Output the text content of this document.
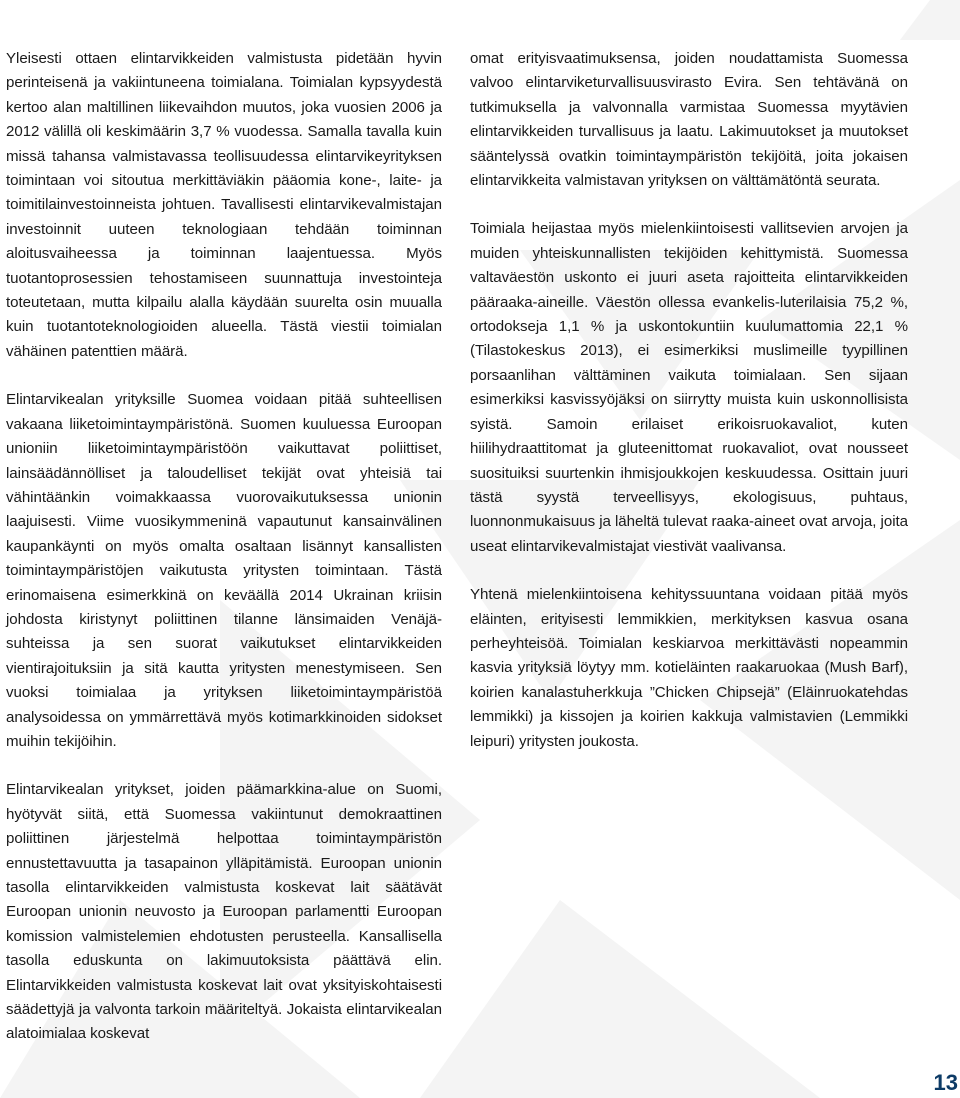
Yleisesti ottaen elintarvikkeiden valmistusta pidetään hyvin perinteisenä ja vakiintuneena toimialana. Toimialan kypsyydestä kertoo alan maltillinen liikevaihdon muutos, joka vuosien 2006 ja 2012 välillä oli keskimäärin 3,7 % vuodessa. Samalla tavalla kuin missä tahansa valmistavassa teollisuudessa elintarvikeyrityksen toimintaan voi sitoutua merkittäviäkin pääomia kone-, laite- ja toimitilainvestoinneista johtuen. Tavallisesti elintarvikevalmistajan investoinnit uuteen teknologiaan tehdään toiminnan aloitusvaiheessa ja toiminnan laajentuessa. Myös tuotantoprosessien tehostamiseen suunnattuja investointeja toteutetaan, mutta kilpailu alalla käydään suurelta osin muualla kuin tuotantoteknologioiden alueella. Tästä viestii toimialan vähäinen patenttien määrä.

Elintarvikealan yrityksille Suomea voidaan pitää suhteellisen vakaana liiketoimintaympäristönä. Suomen kuuluessa Euroopan unioniin liiketoimintaympäristöön vaikuttavat poliittiset, lainsäädännölliset ja taloudelliset tekijät ovat yhteisiä tai vähintäänkin voimakkaassa vuorovaikutuksessa unionin laajuisesti. Viime vuosikymmeninä vapautunut kansainvälinen kaupankäynti on myös omalta osaltaan lisännyt kansallisten toimintaympäristöjen vaikutusta yritysten toimintaan. Tästä erinomaisena esimerkkinä on keväällä 2014 Ukrainan kriisin johdosta kiristynyt poliittinen tilanne länsimaiden Venäjä-suhteissa ja sen suorat vaikutukset elintarvikkeiden vientirajoituksiin ja sitä kautta yritysten menestymiseen. Sen vuoksi toimialaa ja yrityksen liiketoimintaympäristöä analysoidessa on ymmärrettävä myös kotimarkkinoiden sidokset muihin tekijöihin.

Elintarvikealan yritykset, joiden päämarkkina-alue on Suomi, hyötyvät siitä, että Suomessa vakiintunut demokraattinen poliittinen järjestelmä helpottaa toimintaympäristön ennustettavuutta ja tasapainon ylläpitämistä. Euroopan unionin tasolla elintarvikkeiden valmistusta koskevat lait säätävät Euroopan unionin neuvosto ja Euroopan parlamentti Euroopan komission valmistelemien ehdotusten perusteella. Kansallisella tasolla eduskunta on lakimuutoksista päättävä elin. Elintarvikkeiden valmistusta koskevat lait ovat yksityiskohtaisesti säädettyjä ja valvonta tarkoin määriteltyä. Jokaista elintarvikealan alatoimialaa koskevat

omat erityisvaatimuksensa, joiden noudattamista Suomessa valvoo elintarviketurvallisuusvirasto Evira. Sen tehtävänä on tutkimuksella ja valvonnalla varmistaa Suomessa myytävien elintarvikkeiden turvallisuus ja laatu. Lakimuutokset ja muutokset sääntelyssä ovatkin toimintaympäristön tekijöitä, joita jokaisen elintarvikkeita valmistavan yrityksen on välttämätöntä seurata.

Toimiala heijastaa myös mielenkiintoisesti vallitsevien arvojen ja muiden yhteiskunnallisten tekijöiden kehittymistä. Suomessa valtaväestön uskonto ei juuri aseta rajoitteita elintarvikkeiden pääraaka-aineille. Väestön ollessa evankelis-luterilaisia 75,2 %, ortodokseja 1,1 % ja uskontokuntiin kuulumattomia 22,1 % (Tilastokeskus 2013), ei esimerkiksi muslimeille tyypillinen porsaanlihan välttäminen vaikuta toimialaan. Sen sijaan esimerkiksi kasvissyöjäksi on siirrytty muista kuin uskonnollisista syistä. Samoin erilaiset erikoisruokavaliot, kuten hiilihydraattitomat ja gluteenittomat ruokavaliot, ovat nousseet suosituiksi suurtenkin ihmisjoukkojen keskuudessa. Osittain juuri tästä syystä terveellisyys, ekologisuus, puhtaus, luonnonmukaisuus ja läheltä tulevat raaka-aineet ovat arvoja, joita useat elintarvikevalmistajat viestivät vaalivansa.

Yhtenä mielenkiintoisena kehityssuuntana voidaan pitää myös eläinten, erityisesti lemmikkien, merkityksen kasvua osana perheyhteisöä. Toimialan keskiarvoa merkittävästi nopeammin kasvia yrityksiä löytyy mm. kotieläinten raakaruokaa (Mush Barf), koirien kanalastuherkkuja ”Chicken Chipsejä” (Eläinruokatehdas lemmikki) ja kissojen ja koirien kakkuja valmistavien (Lemmikki leipuri) yritysten joukosta.

13
